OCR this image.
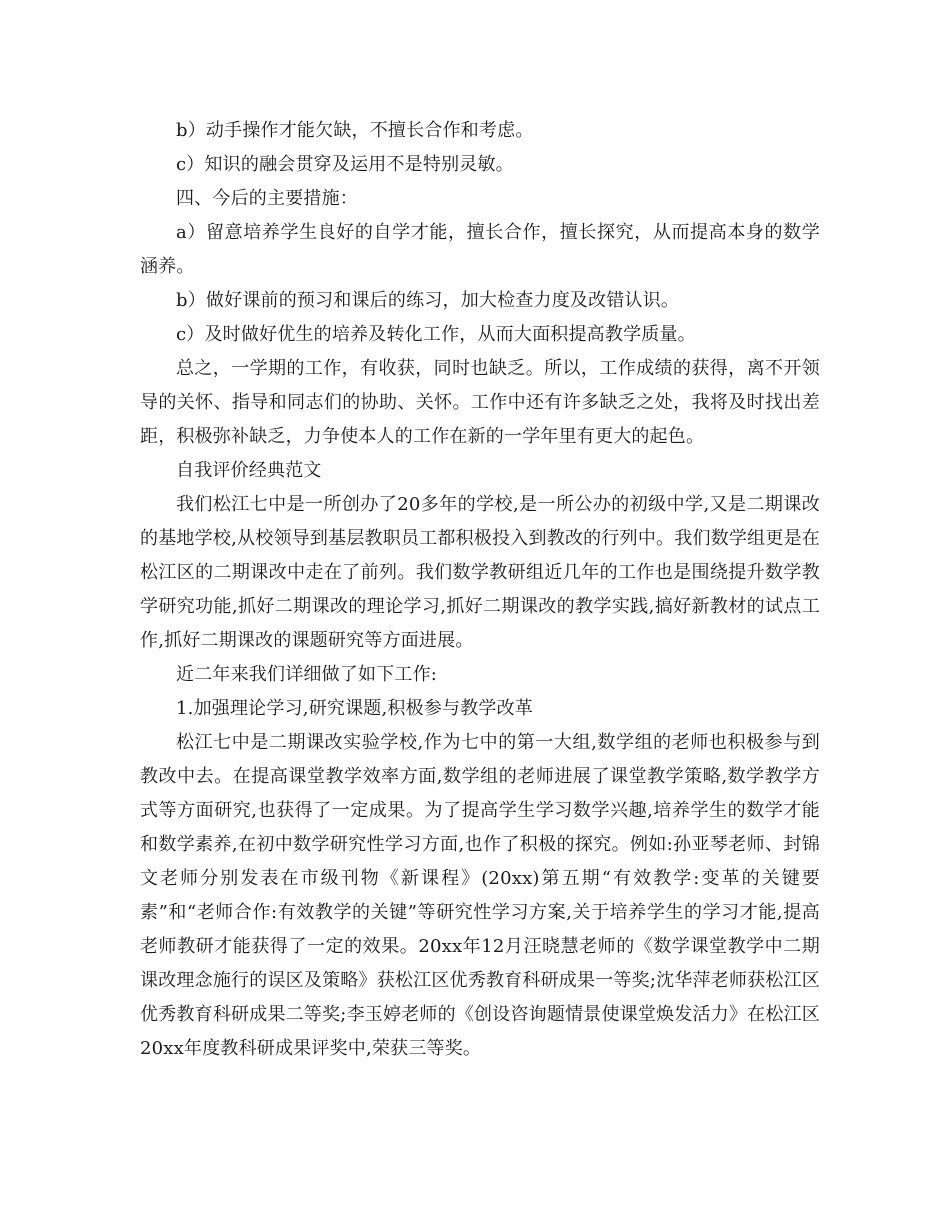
b）动手操作才能欠缺，不擅长合作和考虑。

c）知识的融会贯穿及运用不是特别灵敏。

四、今后的主要措施：

a）留意培养学生良好的自学才能，擅长合作，擅长探究，从而提高本身的数学涵养。

b）做好课前的预习和课后的练习，加大检查力度及改错认识。

c）及时做好优生的培养及转化工作，从而大面积提高教学质量。

总之，一学期的工作，有收获，同时也缺乏。所以，工作成绩的获得，离不开领导的关怀、指导和同志们的协助、关怀。工作中还有许多缺乏之处，我将及时找出差距，积极弥补缺乏，力争使本人的工作在新的一学年里有更大的起色。

自我评价经典范文

我们松江七中是一所创办了20多年的学校,是一所公办的初级中学,又是二期课改的基地学校,从校领导到基层教职员工都积极投入到教改的行列中。我们数学组更是在松江区的二期课改中走在了前列。我们数学教研组近几年的工作也是围绕提升数学教学研究功能,抓好二期课改的理论学习,抓好二期课改的教学实践,搞好新教材的试点工作,抓好二期课改的课题研究等方面进展。

近二年来我们详细做了如下工作:

1.加强理论学习,研究课题,积极参与教学改革

松江七中是二期课改实验学校,作为七中的第一大组,数学组的老师也积极参与到教改中去。在提高课堂教学效率方面,数学组的老师进展了课堂教学策略,数学教学方式等方面研究,也获得了一定成果。为了提高学生学习数学兴趣,培养学生的数学才能和数学素养,在初中数学研究性学习方面,也作了积极的探究。例如:孙亚琴老师、封锦文老师分别发表在市级刊物《新课程》(20xx)第五期“有效教学:变革的关键要素”和“老师合作:有效教学的关键”等研究性学习方案,关于培养学生的学习才能,提高老师教研才能获得了一定的效果。20xx年12月汪晓慧老师的《数学课堂教学中二期课改理念施行的误区及策略》获松江区优秀教育科研成果一等奖;沈华萍老师获松江区优秀教育科研成果二等奖;李玉婷老师的《创设咨询题情景使课堂焕发活力》在松江区20xx年度教科研成果评奖中,荣获三等奖。
